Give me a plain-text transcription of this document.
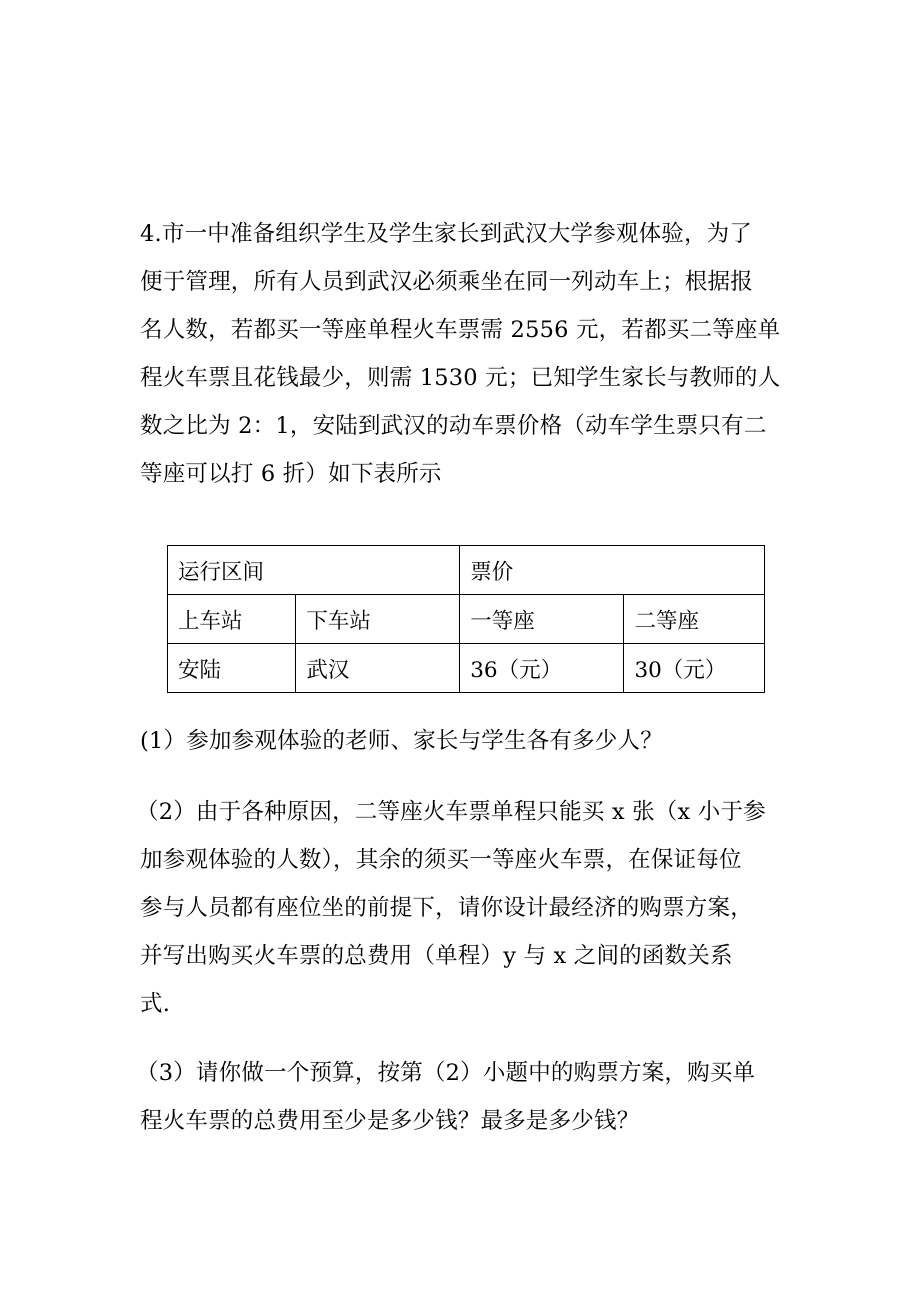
4.市一中准备组织学生及学生家长到武汉大学参观体验，为了
便于管理，所有人员到武汉必须乘坐在同一列动车上；根据报
名人数，若都买一等座单程火车票需 2556 元，若都买二等座单
程火车票且花钱最少，则需 1530 元；已知学生家长与教师的人
数之比为 2：1，安陆到武汉的动车票价格（动车学生票只有二
等座可以打 6 折）如下表所示
运行区间		票价	
上车站	下车站	一等座	二等座
安陆	武汉	36（元）	30（元）
(1）参加参观体验的老师、家长与学生各有多少人？
（2）由于各种原因，二等座火车票单程只能买 x 张（x 小于参
加参观体验的人数），其余的须买一等座火车票，在保证每位
参与人员都有座位坐的前提下，请你设计最经济的购票方案，
并写出购买火车票的总费用（单程）y 与 x 之间的函数关系
式.
（3）请你做一个预算，按第（2）小题中的购票方案，购买单
程火车票的总费用至少是多少钱？最多是多少钱？
